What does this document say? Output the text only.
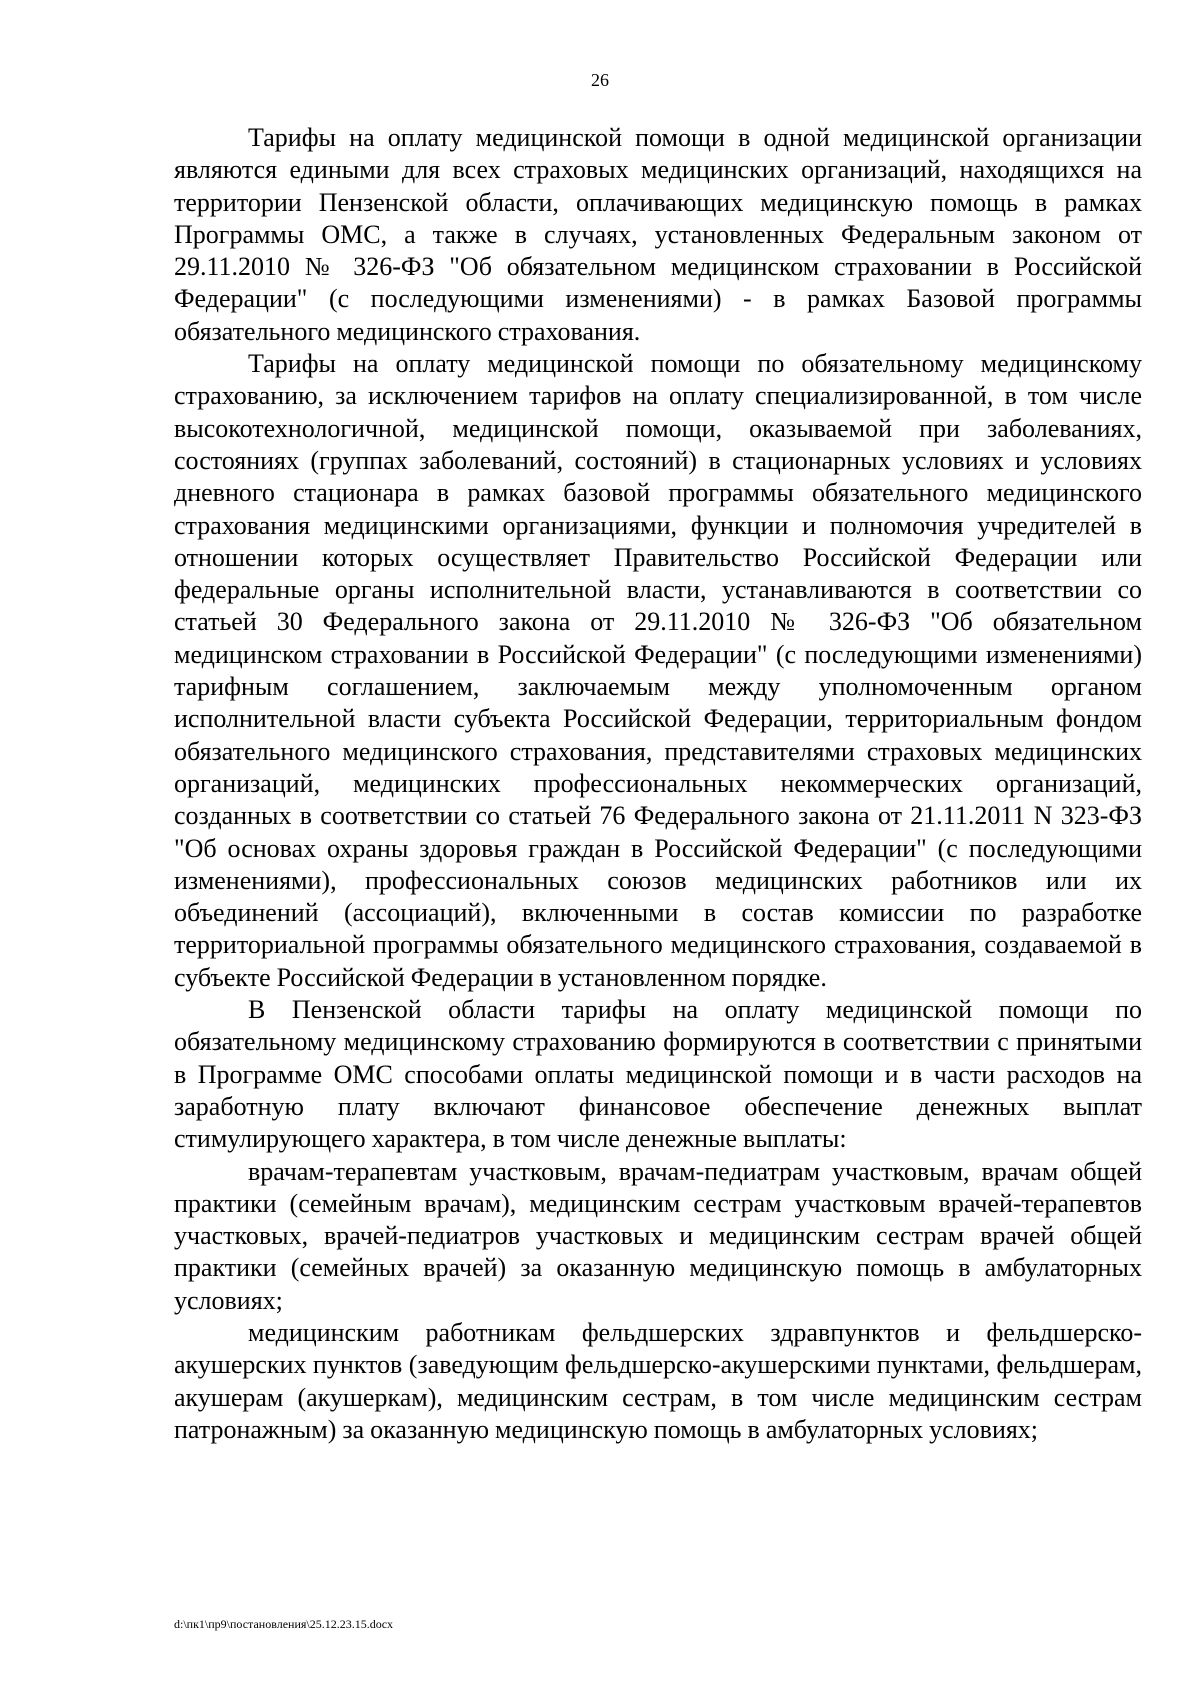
26

Тарифы на оплату медицинской помощи в одной медицинской организации являются едиными для всех страховых медицинских организаций, находящихся на территории Пензенской области, оплачивающих медицинскую помощь в рамках Программы ОМС, а также в случаях, установленных Федеральным законом от 29.11.2010 № 326-ФЗ "Об обязательном медицинском страховании в Российской Федерации" (с последующими изменениями) - в рамках Базовой программы обязательного медицинского страхования.

Тарифы на оплату медицинской помощи по обязательному медицинскому страхованию, за исключением тарифов на оплату специализированной, в том числе высокотехнологичной, медицинской помощи, оказываемой при заболеваниях, состояниях (группах заболеваний, состояний) в стационарных условиях и условиях дневного стационара в рамках базовой программы обязательного медицинского страхования медицинскими организациями, функции и полномочия учредителей в отношении которых осуществляет Правительство Российской Федерации или федеральные органы исполнительной власти, устанавливаются в соответствии со статьей 30 Федерального закона от 29.11.2010 № 326-ФЗ "Об обязательном медицинском страховании в Российской Федерации" (с последующими изменениями) тарифным соглашением, заключаемым между уполномоченным органом исполнительной власти субъекта Российской Федерации, территориальным фондом обязательного медицинского страхования, представителями страховых медицинских организаций, медицинских профессиональных некоммерческих организаций, созданных в соответствии со статьей 76 Федерального закона от 21.11.2011 N 323-ФЗ "Об основах охраны здоровья граждан в Российской Федерации" (с последующими изменениями), профессиональных союзов медицинских работников или их объединений (ассоциаций), включенными в состав комиссии по разработке территориальной программы обязательного медицинского страхования, создаваемой в субъекте Российской Федерации в установленном порядке.

В Пензенской области тарифы на оплату медицинской помощи по обязательному медицинскому страхованию формируются в соответствии с принятыми в Программе ОМС способами оплаты медицинской помощи и в части расходов на заработную плату включают финансовое обеспечение денежных выплат стимулирующего характера, в том числе денежные выплаты:

врачам-терапевтам участковым, врачам-педиатрам участковым, врачам общей практики (семейным врачам), медицинским сестрам участковым врачей-терапевтов участковых, врачей-педиатров участковых и медицинским сестрам врачей общей практики (семейных врачей) за оказанную медицинскую помощь в амбулаторных условиях;

медицинским работникам фельдшерских здравпунктов и фельдшерско-акушерских пунктов (заведующим фельдшерско-акушерскими пунктами, фельдшерам, акушерам (акушеркам), медицинским сестрам, в том числе медицинским сестрам патронажным) за оказанную медицинскую помощь в амбулаторных условиях;

d:\пк1\пр9\постановления\25.12.23.15.docx
